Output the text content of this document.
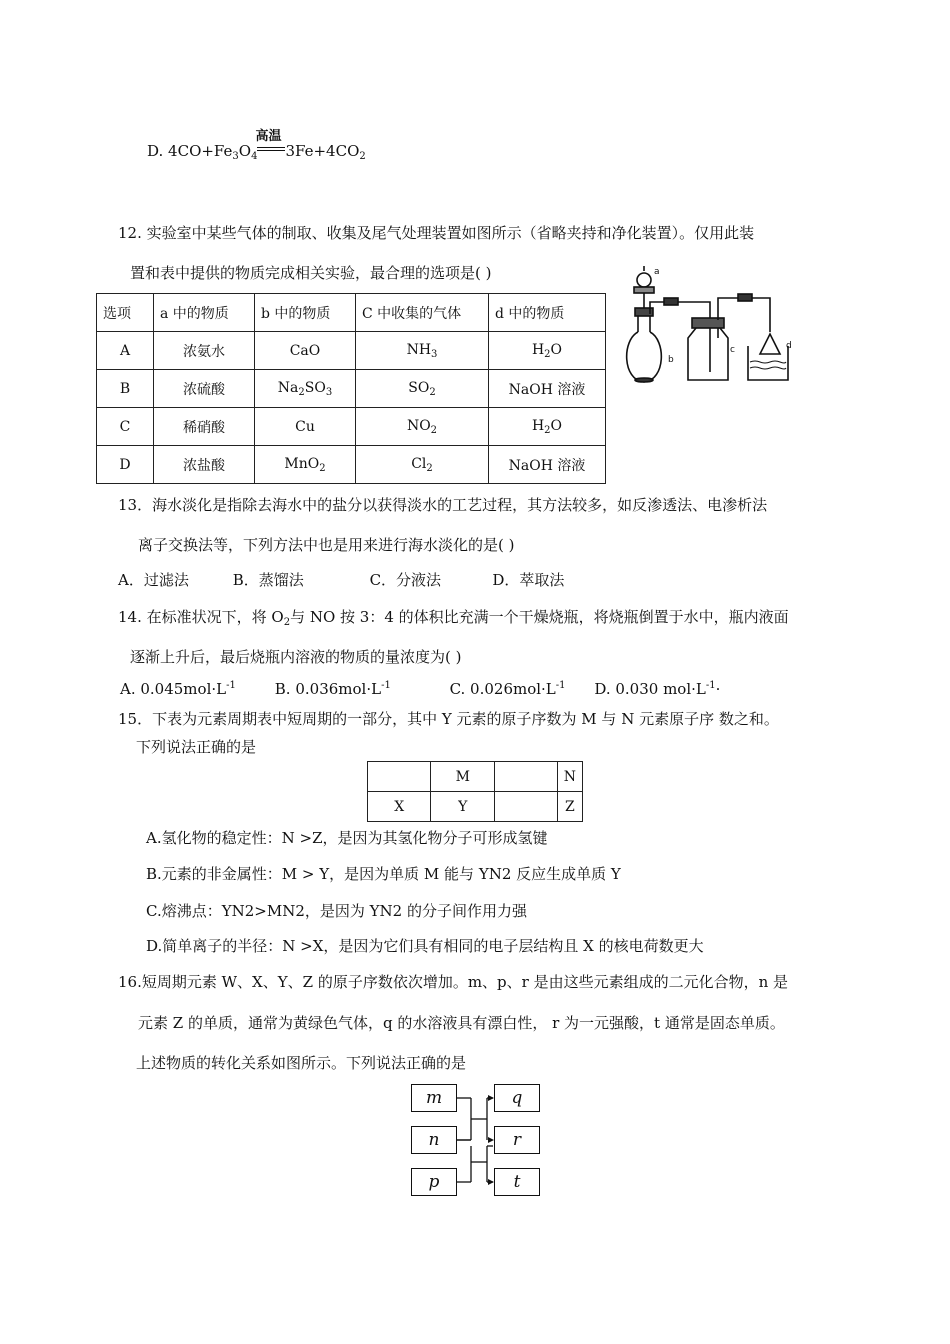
D. $4CO+Fe_3O_4$
高温
$3Fe+4CO_2$
12. 实验室中某些气体的制取、收集及尾气处理装置如图所示（省略夹持和净化装置）。仅用此装
置和表中提供的物质完成相关实验，最合理的选项是( )
选项	a 中的物质	b 中的物质	C 中收集的气体	d 中的物质
A	浓氨水	CaO	$NH_3$	$H_2O$
B	浓硫酸	$Na_2SO_3$	$SO_2$	NaOH 溶液
C	稀硝酸	Cu	$NO_2$	$H_2O$
D	浓盐酸	MnO$_2$	$Cl_2$	NaOH 溶液
a
b
c	d
13．海水淡化是指除去海水中的盐分以获得淡水的工艺过程，其方法较多，如反渗透法、电渗析法
离子交换法等，下列方法中也是用来进行海水淡化的是( )
A．过滤法	B．蒸馏法	C．分液法	D．萃取法
14. 在标准状况下，将 $O_2$与 NO 按 3：4 的体积比充满一个干燥烧瓶，将烧瓶倒置于水中，瓶内液面
逐渐上升后，最后烧瓶内溶液的物质的量浓度为( )
A. $0.045mol\cdot L^{-1}$	B. $0.036mol\cdot L^{-1}$	C. $0.026mol\cdot L^{-1}$ D. 0.030 $mol\cdot L^{-1}\cdot$
15．下表为元素周期表中短周期的一部分，其中 Y 元素的原子序数为 M 与 N 元素原子序 数之和。
下列说法正确的是
	M		N
X	Y		Z
A.氢化物的稳定性：N >Z，是因为其氢化物分子可形成氢键
B.元素的非金属性：M > Y，是因为单质 M 能与 YN2 反应生成单质 Y
C.熔沸点：YN2>MN2，是因为 YN2 的分子间作用力强
D.简单离子的半径：N >X，是因为它们具有相同的电子层结构且 X 的核电荷数更大
16.短周期元素 W、X、Y、Z 的原子序数依次增加。m、p、r 是由这些元素组成的二元化合物，n 是
元素 Z 的单质，通常为黄绿色气体，q 的水溶液具有漂白性， r 为一元强酸，t 通常是固态单质。
上述物质的转化关系如图所示。下列说法正确的是
m
n
p
q
r
t
